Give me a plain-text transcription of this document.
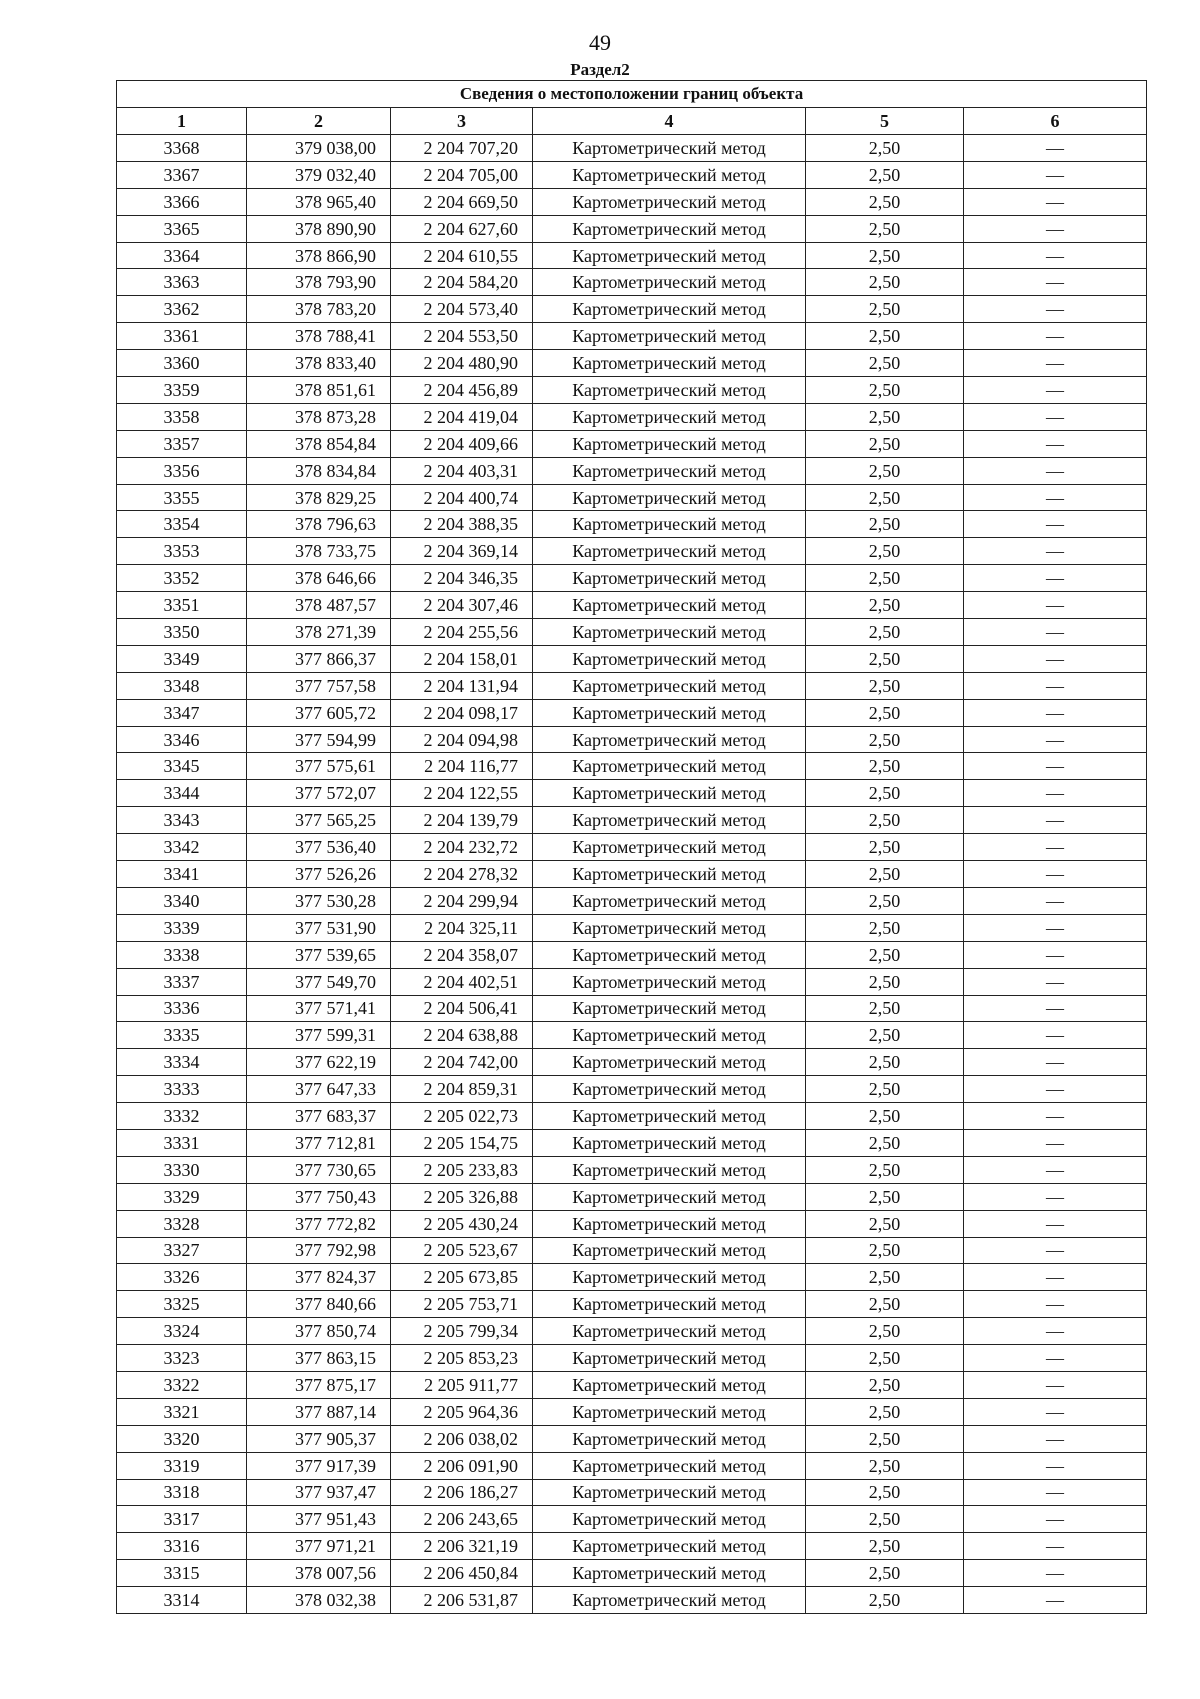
49
Раздел2
Сведения о местоположении границ объекта					
1	2	3	4	5	6
3368	379 038,00	2 204 707,20	Картометрический метод	2,50	—
3367	379 032,40	2 204 705,00	Картометрический метод	2,50	—
3366	378 965,40	2 204 669,50	Картометрический метод	2,50	—
3365	378 890,90	2 204 627,60	Картометрический метод	2,50	—
3364	378 866,90	2 204 610,55	Картометрический метод	2,50	—
3363	378 793,90	2 204 584,20	Картометрический метод	2,50	—
3362	378 783,20	2 204 573,40	Картометрический метод	2,50	—
3361	378 788,41	2 204 553,50	Картометрический метод	2,50	—
3360	378 833,40	2 204 480,90	Картометрический метод	2,50	—
3359	378 851,61	2 204 456,89	Картометрический метод	2,50	—
3358	378 873,28	2 204 419,04	Картометрический метод	2,50	—
3357	378 854,84	2 204 409,66	Картометрический метод	2,50	—
3356	378 834,84	2 204 403,31	Картометрический метод	2,50	—
3355	378 829,25	2 204 400,74	Картометрический метод	2,50	—
3354	378 796,63	2 204 388,35	Картометрический метод	2,50	—
3353	378 733,75	2 204 369,14	Картометрический метод	2,50	—
3352	378 646,66	2 204 346,35	Картометрический метод	2,50	—
3351	378 487,57	2 204 307,46	Картометрический метод	2,50	—
3350	378 271,39	2 204 255,56	Картометрический метод	2,50	—
3349	377 866,37	2 204 158,01	Картометрический метод	2,50	—
3348	377 757,58	2 204 131,94	Картометрический метод	2,50	—
3347	377 605,72	2 204 098,17	Картометрический метод	2,50	—
3346	377 594,99	2 204 094,98	Картометрический метод	2,50	—
3345	377 575,61	2 204 116,77	Картометрический метод	2,50	—
3344	377 572,07	2 204 122,55	Картометрический метод	2,50	—
3343	377 565,25	2 204 139,79	Картометрический метод	2,50	—
3342	377 536,40	2 204 232,72	Картометрический метод	2,50	—
3341	377 526,26	2 204 278,32	Картометрический метод	2,50	—
3340	377 530,28	2 204 299,94	Картометрический метод	2,50	—
3339	377 531,90	2 204 325,11	Картометрический метод	2,50	—
3338	377 539,65	2 204 358,07	Картометрический метод	2,50	—
3337	377 549,70	2 204 402,51	Картометрический метод	2,50	—
3336	377 571,41	2 204 506,41	Картометрический метод	2,50	—
3335	377 599,31	2 204 638,88	Картометрический метод	2,50	—
3334	377 622,19	2 204 742,00	Картометрический метод	2,50	—
3333	377 647,33	2 204 859,31	Картометрический метод	2,50	—
3332	377 683,37	2 205 022,73	Картометрический метод	2,50	—
3331	377 712,81	2 205 154,75	Картометрический метод	2,50	—
3330	377 730,65	2 205 233,83	Картометрический метод	2,50	—
3329	377 750,43	2 205 326,88	Картометрический метод	2,50	—
3328	377 772,82	2 205 430,24	Картометрический метод	2,50	—
3327	377 792,98	2 205 523,67	Картометрический метод	2,50	—
3326	377 824,37	2 205 673,85	Картометрический метод	2,50	—
3325	377 840,66	2 205 753,71	Картометрический метод	2,50	—
3324	377 850,74	2 205 799,34	Картометрический метод	2,50	—
3323	377 863,15	2 205 853,23	Картометрический метод	2,50	—
3322	377 875,17	2 205 911,77	Картометрический метод	2,50	—
3321	377 887,14	2 205 964,36	Картометрический метод	2,50	—
3320	377 905,37	2 206 038,02	Картометрический метод	2,50	—
3319	377 917,39	2 206 091,90	Картометрический метод	2,50	—
3318	377 937,47	2 206 186,27	Картометрический метод	2,50	—
3317	377 951,43	2 206 243,65	Картометрический метод	2,50	—
3316	377 971,21	2 206 321,19	Картометрический метод	2,50	—
3315	378 007,56	2 206 450,84	Картометрический метод	2,50	—
3314	378 032,38	2 206 531,87	Картометрический метод	2,50	—
